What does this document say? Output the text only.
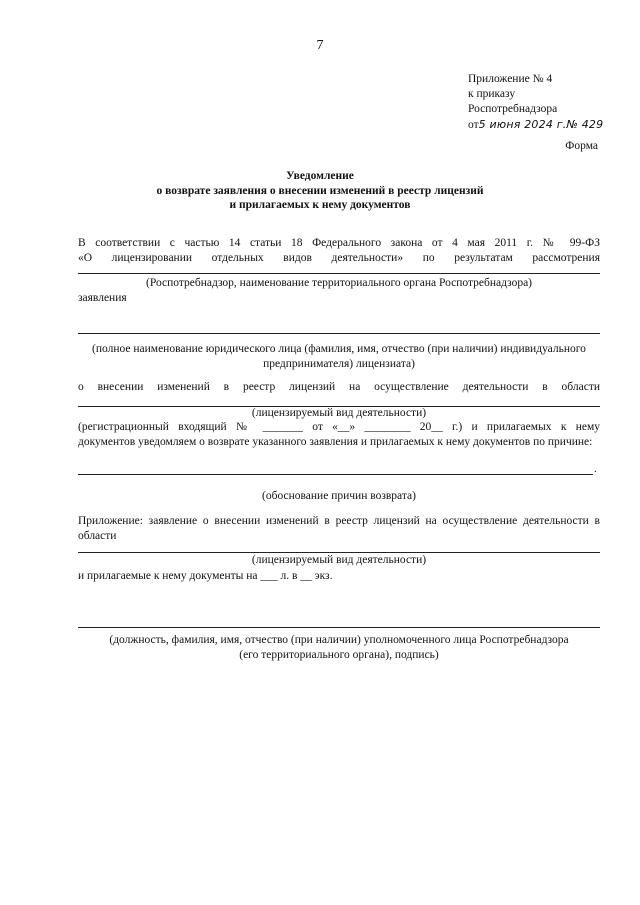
7
Приложение № 4
к приказу
Роспотребнадзора
от5 июня 2024 г.№ 429
Форма
Уведомление
о возврате заявления о внесении изменений в реестр лицензий
и прилагаемых к нему документов
В соответствии с частью 14 статьи 18 Федерального закона от 4 мая 2011 г. № 99-ФЗ
«О лицензировании отдельных видов деятельности» по результатам рассмотрения
(Роспотребнадзор, наименование территориального органа Роспотребнадзора)
заявления
(полное наименование юридического лица (фамилия, имя, отчество (при наличии) индивидуального
предпринимателя) лицензиата)
о внесении изменений в реестр лицензий на осуществление деятельности в области
(лицензируемый вид деятельности)
(регистрационный входящий № _______ от «__» ________ 20__ г.) и прилагаемых к нему
документов уведомляем о возврате указанного заявления и прилагаемых к нему документов по причине:
.
(обоснование причин возврата)
Приложение: заявление о внесении изменений в реестр лицензий на осуществление деятельности в
области
(лицензируемый вид деятельности)
и прилагаемые к нему документы на ___ л. в __ экз.
(должность, фамилия, имя, отчество (при наличии) уполномоченного лица Роспотребнадзора
(его территориального органа), подпись)
